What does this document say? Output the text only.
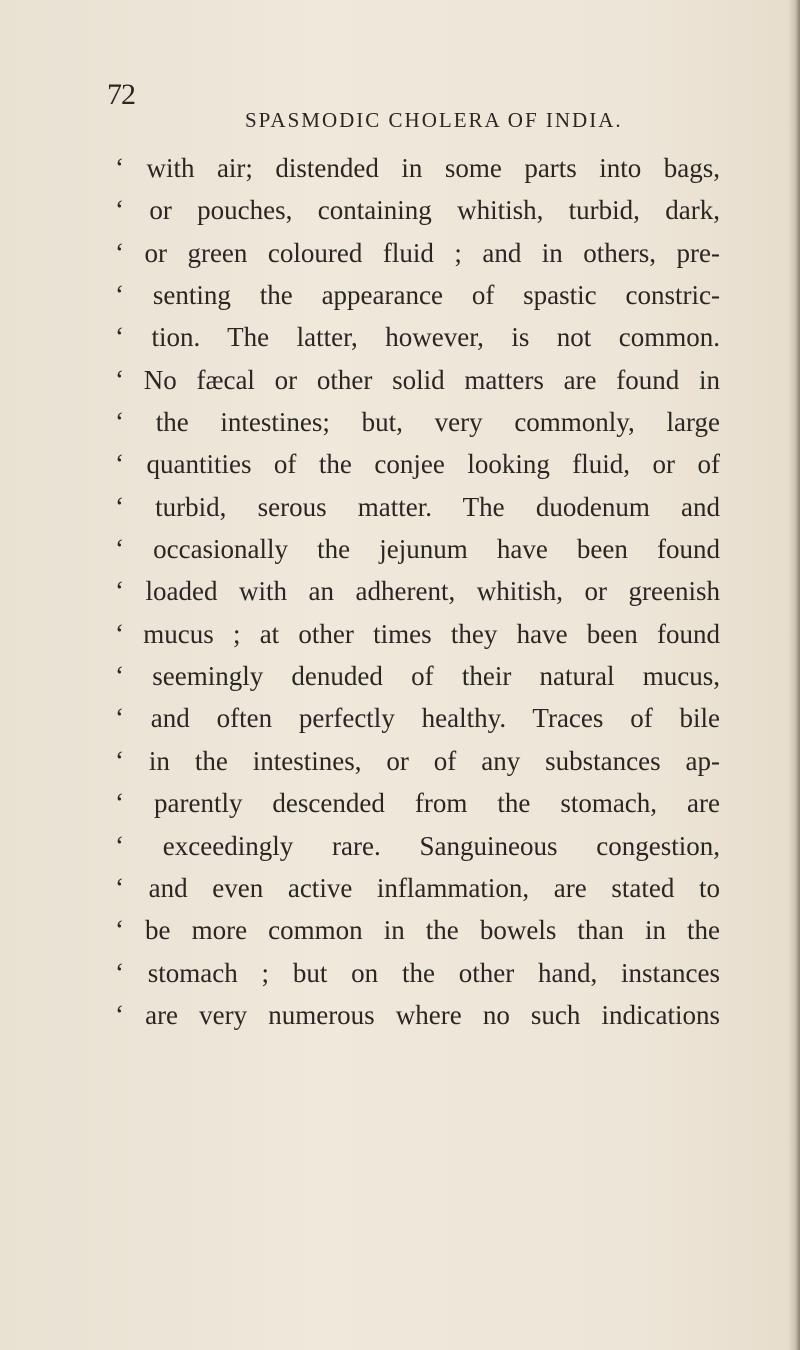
72
SPASMODIC CHOLERA OF INDIA.
‘ with air; distended in some parts into bags,
‘ or pouches, containing whitish, turbid, dark,
‘ or green coloured fluid ; and in others, pre-
‘ senting the appearance of spastic constric-
‘ tion. The latter, however, is not common.
‘ No fæcal or other solid matters are found in
‘ the intestines; but, very commonly, large
‘ quantities of the conjee looking fluid, or of
‘ turbid, serous matter. The duodenum and
‘ occasionally the jejunum have been found
‘ loaded with an adherent, whitish, or greenish
‘ mucus ; at other times they have been found
‘ seemingly denuded of their natural mucus,
‘ and often perfectly healthy. Traces of bile
‘ in the intestines, or of any substances ap-
‘ parently descended from the stomach, are
‘ exceedingly rare. Sanguineous congestion,
‘ and even active inflammation, are stated to
‘ be more common in the bowels than in the
‘ stomach ; but on the other hand, instances
‘ are very numerous where no such indications
